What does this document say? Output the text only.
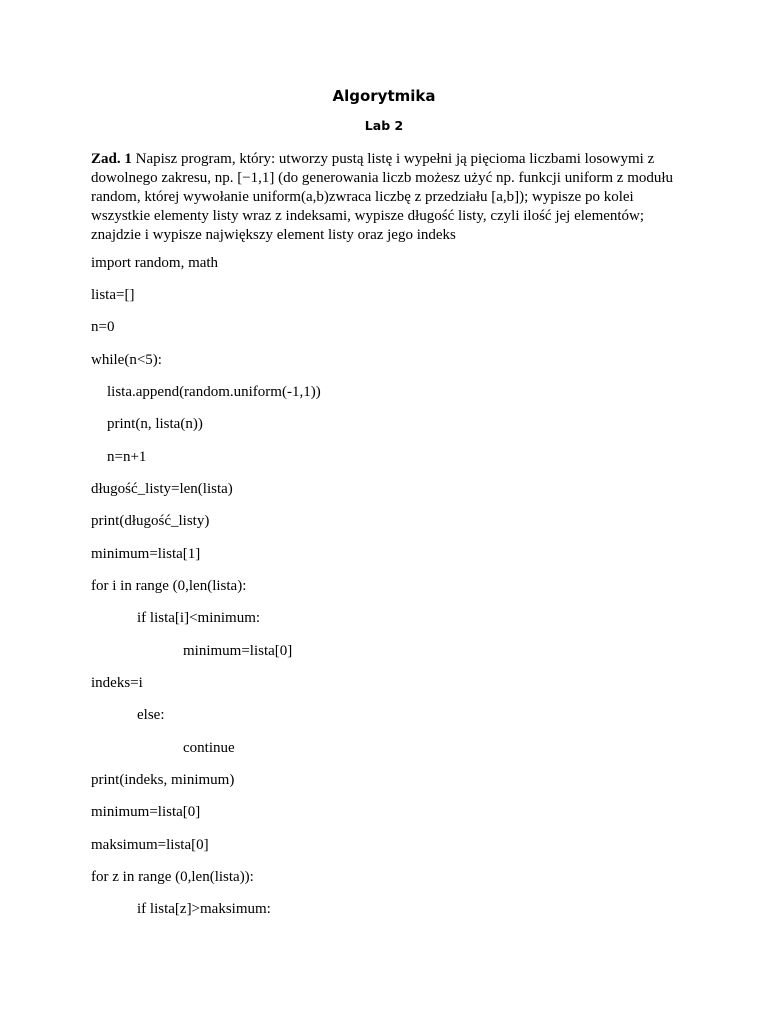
Algorytmika
Lab 2
Zad. 1 Napisz program, który: utworzy pustą listę i wypełni ją pięcioma liczbami losowymi z dowolnego zakresu, np. [−1,1] (do generowania liczb możesz użyć np. funkcji uniform z modułu random, której wywołanie uniform(a,b)zwraca liczbę z przedziału [a,b]); wypisze po kolei wszystkie elementy listy wraz z indeksami, wypisze długość listy, czyli ilość jej elementów; znajdzie i wypisze największy element listy oraz jego indeks
import random, math
lista=[]
n=0
while(n<5):
lista.append(random.uniform(-1,1))
print(n, lista(n))
n=n+1
długość_listy=len(lista)
print(długość_listy)
minimum=lista[1]
for i in range (0,len(lista):
if lista[i]<minimum:
minimum=lista[0]
indeks=i
else:
continue
print(indeks, minimum)
minimum=lista[0]
maksimum=lista[0]
for z in range (0,len(lista)):
if lista[z]>maksimum:
